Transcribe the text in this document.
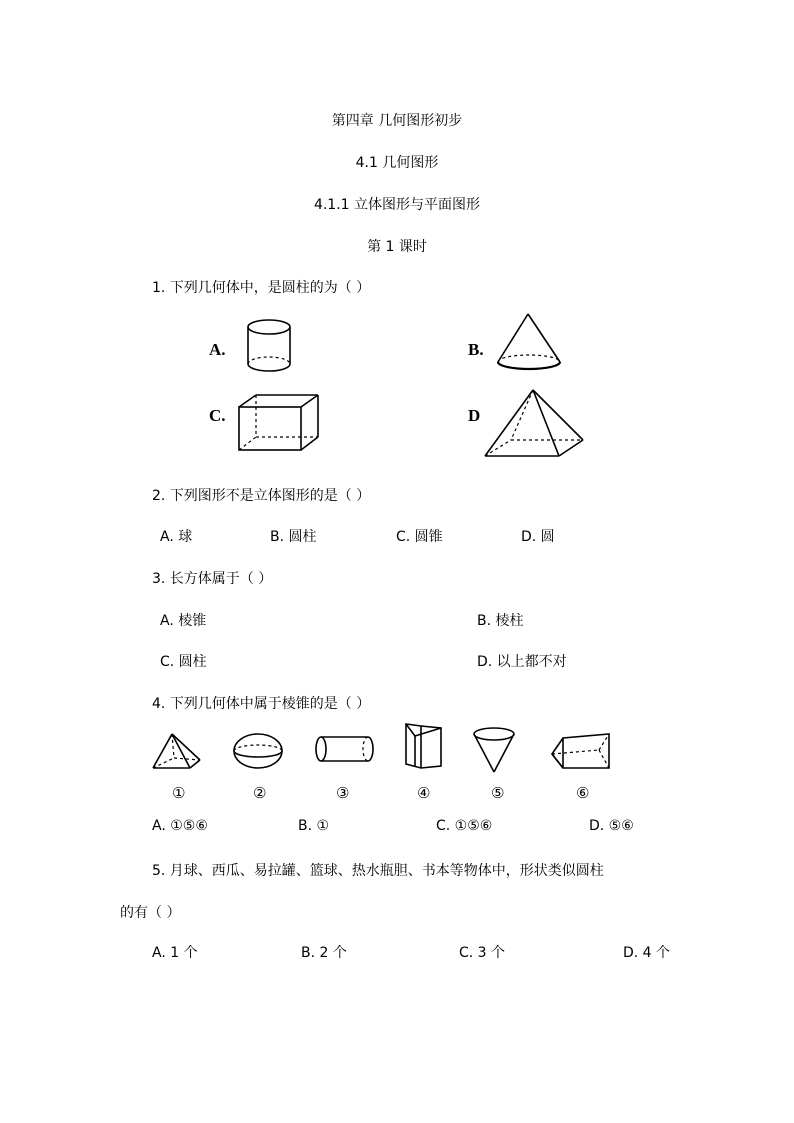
第四章 几何图形初步
4.1 几何图形
4.1.1 立体图形与平面图形
第 1 课时
1. 下列几何体中，是圆柱的为（ ）
A.	B.
C.	D
2. 下列图形不是立体图形的是（ ）
A. 球	B. 圆柱	C. 圆锥	D. 圆
3. 长方体属于（ ）
A. 棱锥	B. 棱柱
C. 圆柱	D. 以上都不对
4. 下列几何体中属于棱锥的是（ ）
①	②	③	④	⑤	⑥
A. ①⑤⑥	B. ①	C. ①⑤⑥	D. ⑤⑥
5. 月球、西瓜、易拉罐、篮球、热水瓶胆、书本等物体中，形状类似圆柱
的有（ ）
A. 1 个	B. 2 个	C. 3 个	D. 4 个
